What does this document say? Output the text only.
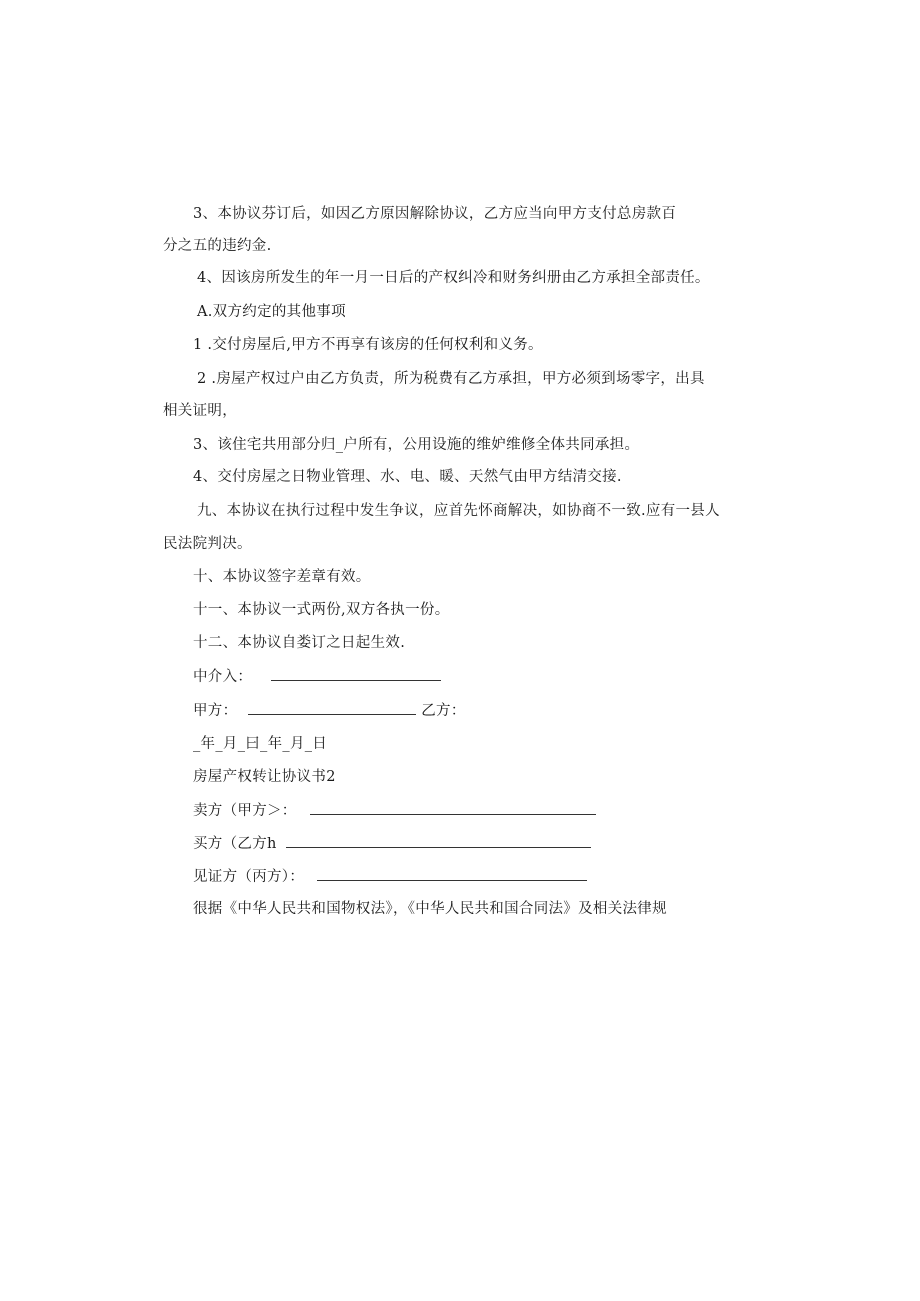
3、本协议芬订后，如因乙方原因解除协议，乙方应当向甲方支付总房款百
分之五的违约金.
4、因该房所发生的年一月一日后的产权纠冷和财务纠册由乙方承担全部责任。
A.双方约定的其他事项
1 .交付房屋后,甲方不再享有该房的任何权利和义务。
2 .房屋产权过户由乙方负责，所为税费有乙方承担，甲方必须到场零字，出具
相关证明，
3、该住宅共用部分归_户所有，公用设施的维妒维修全体共同承担。
4、交付房屋之日物业管理、水、电、暖、天然气由甲方结清交接.
九、本协议在执行过程中发生争议，应首先怀商解决，如协商不一致.应有一县人
民法院判决。
十、本协议签字差章有效。
十一、本协议一式两份,双方各执一份。
十二、本协议自娄订之日起生效.
中介入：
甲方：	乙方：
_年_月_曰_年_月_日
房屋产权转让协议书2
卖方（甲方＞：
买方（乙方h
见证方（丙方）：
很据《中华人民共和国物权法》，《中华人民共和国合同法》及相关法律规
